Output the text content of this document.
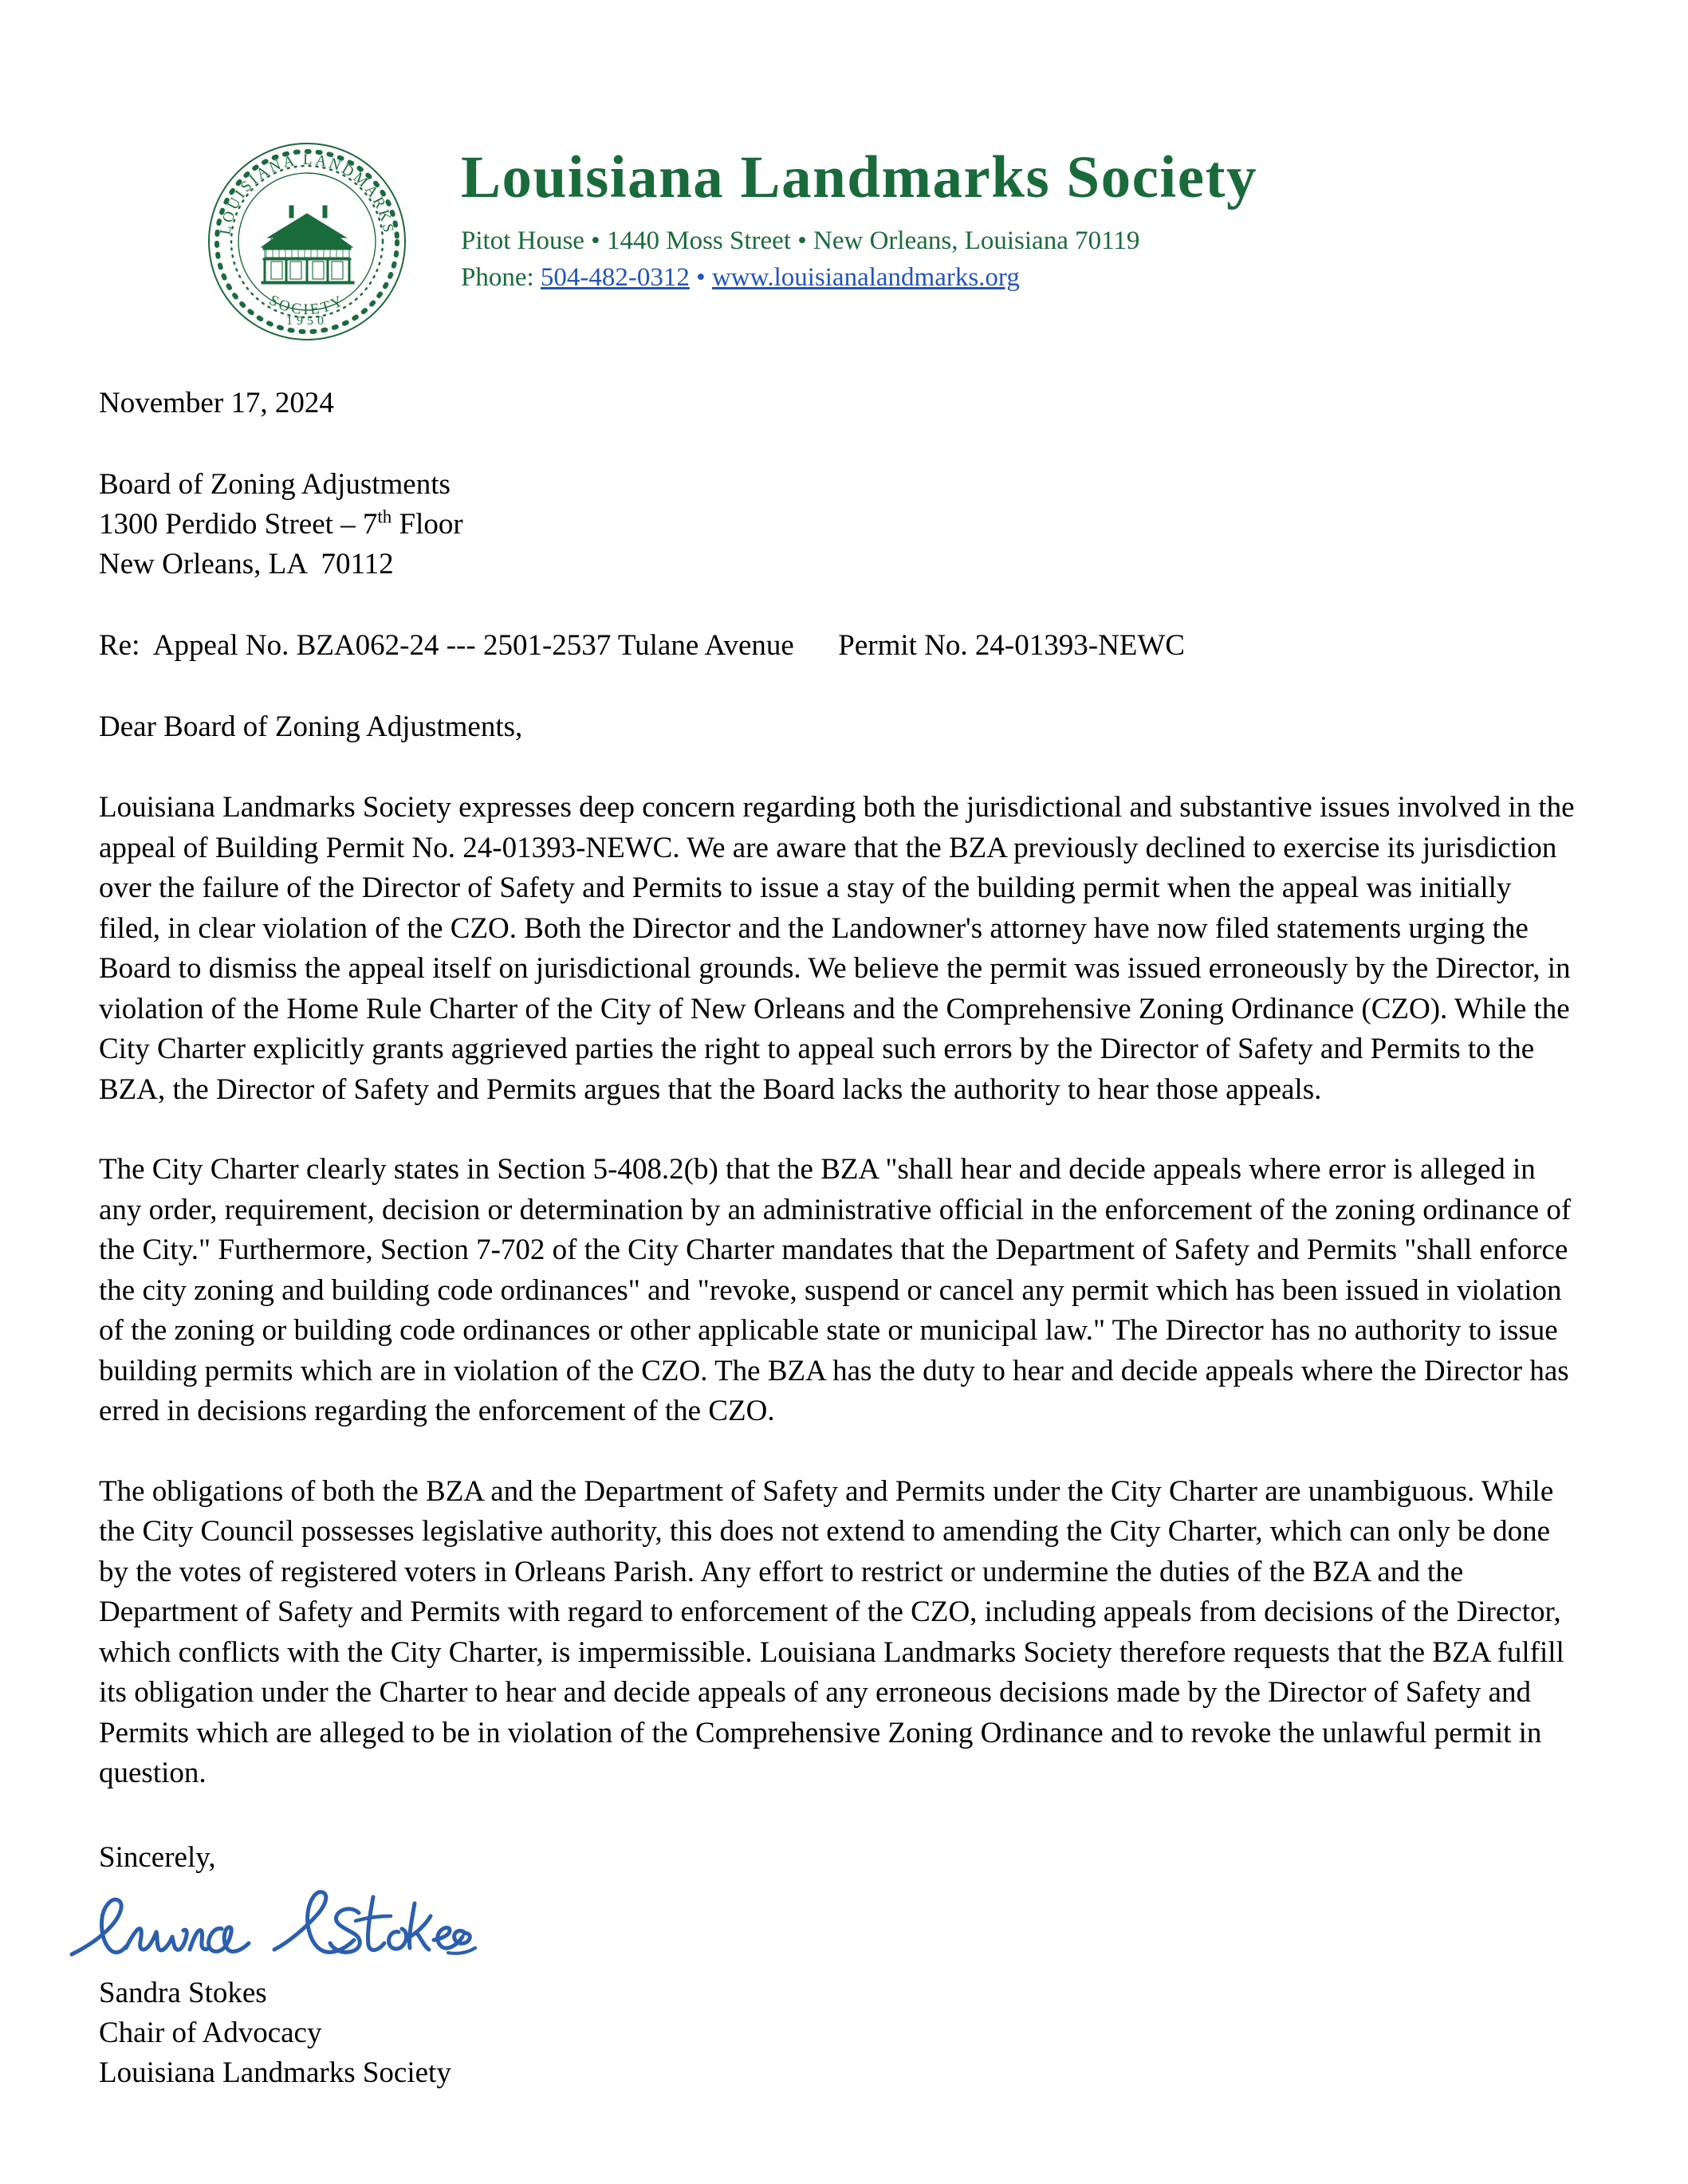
LOUISIANA LANDMARKS
SOCIETY
1950
Louisiana Landmarks Society
Pitot House • 1440 Moss Street • New Orleans, Louisiana 70119
Phone: 504-482-0312 • www.louisianalandmarks.org
November 17, 2024
Board of Zoning Adjustments
1300 Perdido Street – 7th Floor
New Orleans, LA  70112
Re:  Appeal No. BZA062-24 --- 2501-2537 Tulane Avenue      Permit No. 24-01393-NEWC
Dear Board of Zoning Adjustments,

Louisiana Landmarks Society expresses deep concern regarding both the jurisdictional and substantive issues involved in the appeal of Building Permit No. 24-01393-NEWC. We are aware that the BZA previously declined to exercise its jurisdiction over the failure of the Director of Safety and Permits to issue a stay of the building permit when the appeal was initially filed, in clear violation of the CZO. Both the Director and the Landowner's attorney have now filed statements urging the Board to dismiss the appeal itself on jurisdictional grounds. We believe the permit was issued erroneously by the Director, in violation of the Home Rule Charter of the City of New Orleans and the Comprehensive Zoning Ordinance (CZO). While the City Charter explicitly grants aggrieved parties the right to appeal such errors by the Director of Safety and Permits to the BZA, the Director of Safety and Permits argues that the Board lacks the authority to hear those appeals.

The City Charter clearly states in Section 5-408.2(b) that the BZA "shall hear and decide appeals where error is alleged in any order, requirement, decision or determination by an administrative official in the enforcement of the zoning ordinance of the City." Furthermore, Section 7-702 of the City Charter mandates that the Department of Safety and Permits "shall enforce the city zoning and building code ordinances" and "revoke, suspend or cancel any permit which has been issued in violation of the zoning or building code ordinances or other applicable state or municipal law." The Director has no authority to issue building permits which are in violation of the CZO. The BZA has the duty to hear and decide appeals where the Director has erred in decisions regarding the enforcement of the CZO.

The obligations of both the BZA and the Department of Safety and Permits under the City Charter are unambiguous. While the City Council possesses legislative authority, this does not extend to amending the City Charter, which can only be done by the votes of registered voters in Orleans Parish. Any effort to restrict or undermine the duties of the BZA and the Department of Safety and Permits with regard to enforcement of the CZO, including appeals from decisions of the Director, which conflicts with the City Charter, is impermissible. Louisiana Landmarks Society therefore requests that the BZA fulfill its obligation under the Charter to hear and decide appeals of any erroneous decisions made by the Director of Safety and Permits which are alleged to be in violation of the Comprehensive Zoning Ordinance and to revoke the unlawful permit in question.

Sincerely,
Sandra Stokes
Chair of Advocacy
Louisiana Landmarks Society
